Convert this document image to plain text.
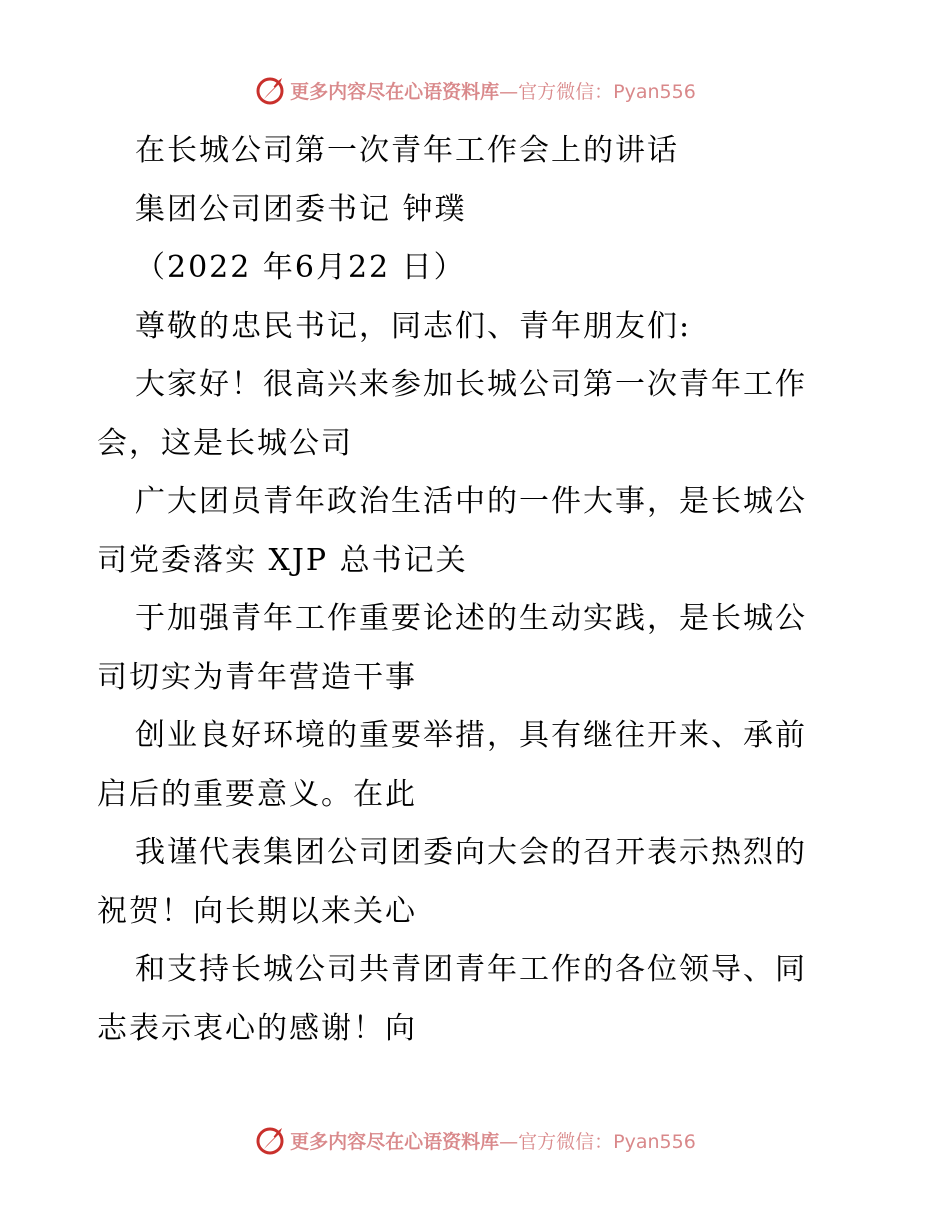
更多内容尽在心语资料库 —官方微信：Pyan556
在长城公司第一次青年工作会上的讲话
集团公司团委书记 钟璞
（2022 年6月22 日）
尊敬的忠民书记，同志们、青年朋友们:
大家好！很高兴来参加长城公司第一次青年工作
会，这是长城公司
广大团员青年政治生活中的一件大事，是长城公
司党委落实 XJP 总书记关
于加强青年工作重要论述的生动实践，是长城公
司切实为青年营造干事
创业良好环境的重要举措，具有继往开来、承前
启后的重要意义。在此
我谨代表集团公司团委向大会的召开表示热烈的
祝贺！向长期以来关心
和支持长城公司共青团青年工作的各位领导、同
志表示衷心的感谢！向
更多内容尽在心语资料库 —官方微信：Pyan556
